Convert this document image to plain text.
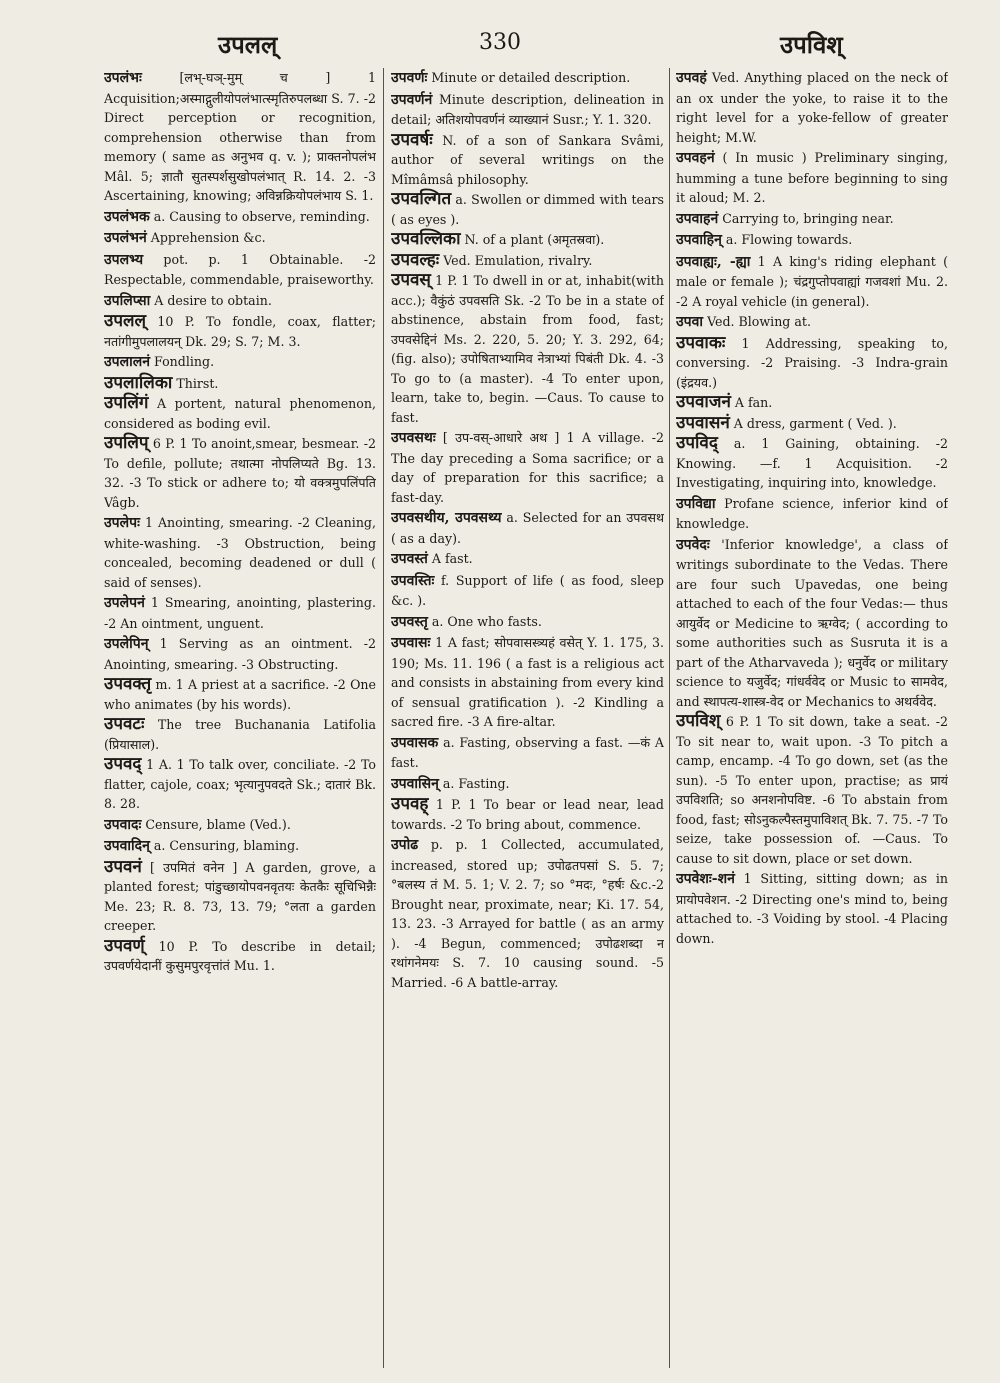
उपलल्	330	उपविश्
उपलंभः	[लभ्-घञ्-मुम् च ] 1 Acquisition;अस्माद्गुलीयोपलंभात्स्मृतिरुपलब्धा S. 7. -2 Direct perception or recognition, comprehension otherwise than from memory ( same as अनुभव q. v. ); प्राक्तनोपलंभ Mâl. 5; ज्ञातौ सुतस्पर्शसुखोपलंभात् R. 14. 2. -3 Ascertaining, knowing; अविन्नक्रियोपलंभाय S. 1.
उपलंभक a. Causing to observe, reminding.
उपलंभनं Apprehension &c.
उपलभ्य pot. p. 1 Obtainable. -2 Respectable, commendable, praiseworthy.
उपलिप्सा A desire to obtain.
उपलल् 10 P. To fondle, coax, flatter; नतांगीमुपलालयन् Dk. 29; S. 7; M. 3.
उपलालनं Fondling.
उपलालिका Thirst.
उपलिंगं A portent, natural phenomenon, considered as boding evil.
उपलिप् 6 P. 1 To anoint,smear, besmear. -2 To defile, pollute; तथात्मा नोपलिप्यते Bg. 13. 32. -3 To stick or adhere to; यो वक्त्रमुपलिंपति Vâgb.
उपलेपः 1 Anointing, smearing. -2 Cleaning, white-washing. -3 Obstruction, being concealed, becoming deadened or dull ( said of senses).
उपलेपनं 1 Smearing, anointing, plastering. -2 An ointment, unguent.
उपलेपिन् 1 Serving as an ointment. -2 Anointing, smearing. -3 Obstructing.
उपवक्तृ m. 1 A priest at a sacrifice. -2 One who animates (by his words).
उपवटः The tree Buchanania Latifolia (प्रियासाल).
उपवद् 1 A. 1 To talk over, conciliate. -2 To flatter, cajole, coax; भृत्यानुपवदते Sk.; दातारं Bk. 8. 28.
उपवादः Censure, blame (Ved.).
उपवादिन् a. Censuring, blaming.
उपवनं [ उपमितं वनेन ] A garden, grove, a planted forest; पांडुच्छायोपवनवृतयः केतकैः सूचिभिन्नैः Me. 23; R. 8. 73, 13. 79; °लता a garden creeper.
उपवर्ण् 10 P. To describe in detail; उपवर्णयेदानीं कुसुमपुरवृत्तांतं Mu. 1.
उपवर्णः Minute or detailed description.
उपवर्णनं Minute description, delineation in detail; अतिशयोपवर्णनं व्याख्यानं Susr.; Y. 1. 320.
उपवर्षः N. of a son of Sankara Svâmi, author of several writings on the Mîmâmsâ philosophy.
उपवल्गित a. Swollen or dimmed with tears ( as eyes ).
उपवल्लिका N. of a plant (अमृतस्रवा).
उपवल्हः Ved. Emulation, rivalry.
उपवस् 1 P. 1 To dwell in or at, inhabit(with acc.); वैकुंठं उपवसति Sk. -2 To be in a state of abstinence, abstain from food, fast; उपवसेद्दिनं Ms. 2. 220, 5. 20; Y. 3. 292, 64; (fig. also); उपोषिताभ्यामिव नेत्राभ्यां पिबंती Dk. 4. -3 To go to (a master). -4 To enter upon, learn, take to, begin. —Caus. To cause to fast.
उपवसथः [ उप-वस्-आधारे अथ ] 1 A village. -2 The day preceding a Soma sacrifice; or a day of preparation for this sacrifice; a fast-day.
उपवसथीय, उपवसथ्य a. Selected for an उपवसथ ( as a day).
उपवस्तं A fast.
उपवस्तिः f. Support of life ( as food, sleep &c. ).
उपवस्तृ a. One who fasts.
उपवासः 1 A fast; सोपवासस्त्र्यहं वसेत् Y. 1. 175, 3. 190; Ms. 11. 196 ( a fast is a religious act and consists in abstaining from every kind of sensual gratification ). -2 Kindling a sacred fire. -3 A fire-altar.
उपवासक a. Fasting, observing a fast. —कं A fast.
उपवासिन् a. Fasting.
उपवह् 1 P. 1 To bear or lead near, lead towards. -2 To bring about, commence.
उपोढ p. p. 1 Collected, accumulated, increased, stored up; उपोढतपसां S. 5. 7; °बलस्य तं M. 5. 1; V. 2. 7; so °मदः, °हर्षः &c.-2 Brought near, proximate, near; Ki. 17. 54, 13. 23. -3 Arrayed for battle ( as an army ). -4 Begun, commenced; उपोढशब्दा न रथांगनेमयः S. 7. 10 causing sound. -5 Married. -6 A battle-array.
उपवहं Ved. Anything placed on the neck of an ox under the yoke, to raise it to the right level for a yoke-fellow of greater height; M.W.
उपवहनं ( In music ) Preliminary singing, humming a tune before beginning to sing it aloud; M. 2.
उपवाहनं Carrying to, bringing near.
उपवाहिन् a. Flowing towards.
उपवाह्यः, -ह्या 1 A king's riding elephant ( male or female ); चंद्रगुप्तोपवाह्यां गजवशां Mu. 2. -2 A royal vehicle (in general).
उपवा Ved. Blowing at.
उपवाकः 1 Addressing, speaking to, conversing. -2 Praising. -3 Indra-grain (इंद्रयव.)
उपवाजनं A fan.
उपवासनं A dress, garment ( Ved. ).
उपविद् a. 1 Gaining, obtaining. -2 Knowing. —f. 1 Acquisition. -2 Investigating, inquiring into, knowledge.
उपविद्या Profane science, inferior kind of knowledge.
उपवेदः 'Inferior knowledge', a class of writings subordinate to the Vedas. There are four such Upavedas, one being attached to each of the four Vedas:— thus आयुर्वेद or Medicine to ऋग्वेद; ( according to some authorities such as Susruta it is a part of the Atharvaveda ); धनुर्वेद or military science to यजुर्वेद; गांधर्ववेद or Music to सामवेद, and स्थापत्य-शास्त्र-वेद or Mechanics to अथर्ववेद.
उपविश् 6 P. 1 To sit down, take a seat. -2 To sit near to, wait upon. -3 To pitch a camp, encamp. -4 To go down, set (as the sun). -5 To enter upon, practise; as प्रायं उपविशति; so अनशनोपविष्ट. -6 To abstain from food, fast; सोऽनुकल्पैस्तमुपाविशत् Bk. 7. 75. -7 To seize, take possession of. —Caus. To cause to sit down, place or set down.
उपवेशः-शनं 1 Sitting, sitting down; as in प्रायोपवेशन. -2 Directing one's mind to, being attached to. -3 Voiding by stool. -4 Placing down.
